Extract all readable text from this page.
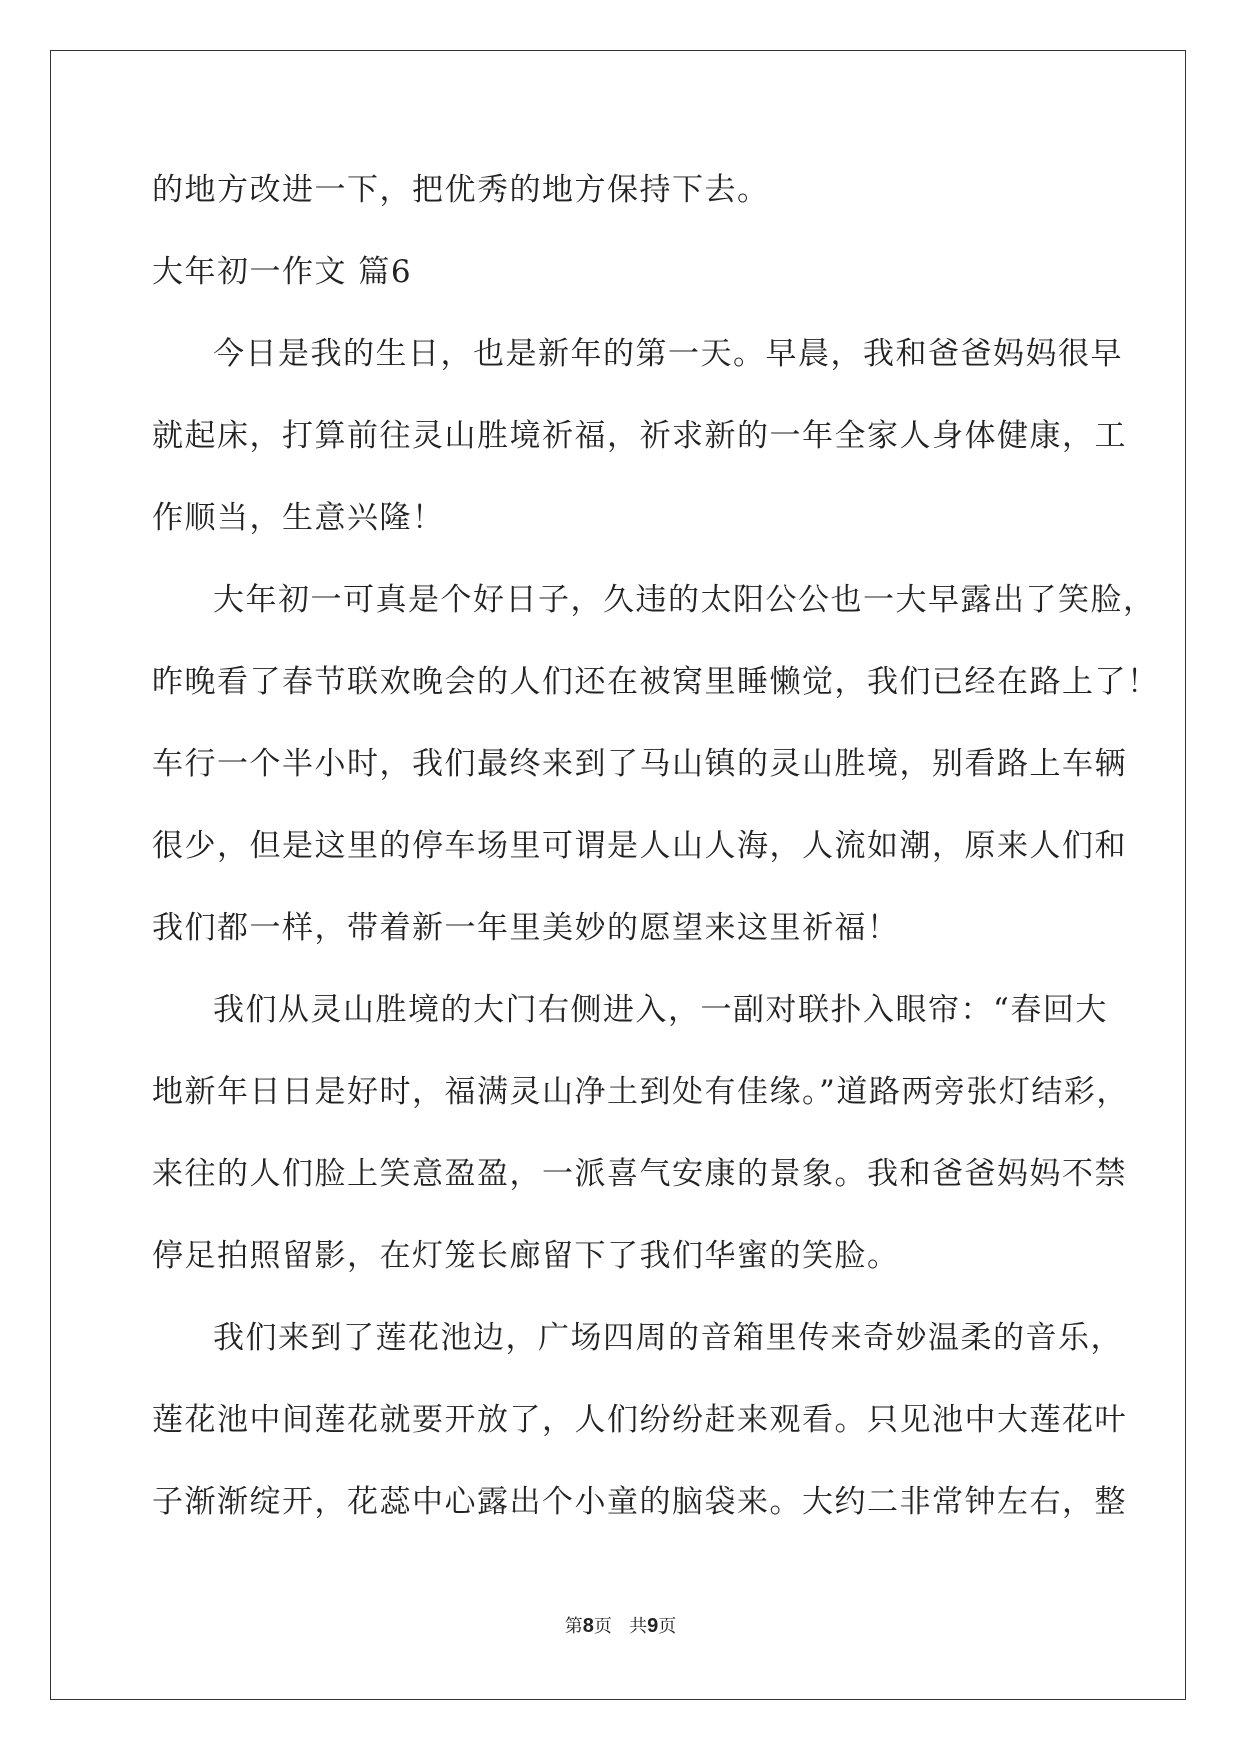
的地方改进一下，把优秀的地方保持下去。
大年初一作文 篇6
今日是我的生日，也是新年的第一天。早晨，我和爸爸妈妈很早
就起床，打算前往灵山胜境祈福，祈求新的一年全家人身体健康，工
作顺当，生意兴隆！
大年初一可真是个好日子，久违的太阳公公也一大早露出了笑脸，
昨晚看了春节联欢晚会的人们还在被窝里睡懒觉，我们已经在路上了！
车行一个半小时，我们最终来到了马山镇的灵山胜境，别看路上车辆
很少，但是这里的停车场里可谓是人山人海，人流如潮，原来人们和
我们都一样，带着新一年里美妙的愿望来这里祈福！
我们从灵山胜境的大门右侧进入，一副对联扑入眼帘：“春回大
地新年日日是好时，福满灵山净土到处有佳缘。”道路两旁张灯结彩，
来往的人们脸上笑意盈盈，一派喜气安康的景象。我和爸爸妈妈不禁
停足拍照留影，在灯笼长廊留下了我们华蜜的笑脸。
我们来到了莲花池边，广场四周的音箱里传来奇妙温柔的音乐，
莲花池中间莲花就要开放了，人们纷纷赶来观看。只见池中大莲花叶
子渐渐绽开，花蕊中心露出个小童的脑袋来。大约二非常钟左右，整
第8页   共9页
